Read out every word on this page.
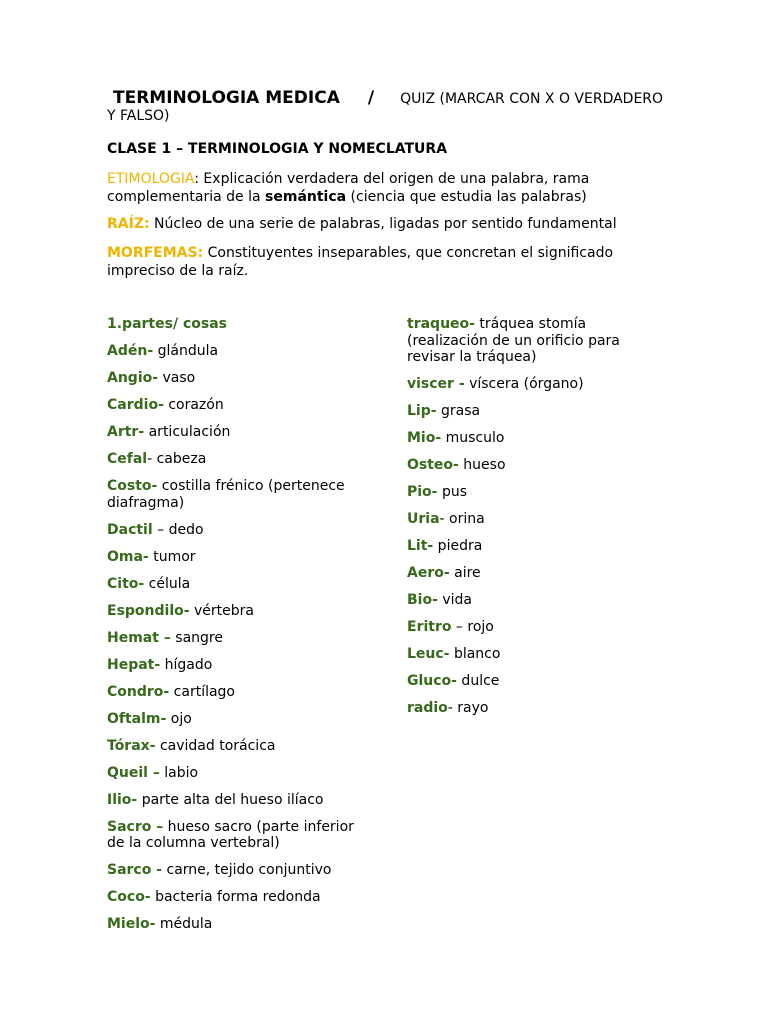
TERMINOLOGIA MEDICA / QUIZ (MARCAR CON X O VERDADERO Y FALSO)
CLASE 1 – TERMINOLOGIA Y NOMECLATURA
ETIMOLOGIA: Explicación verdadera del origen de una palabra, rama complementaria de la semántica (ciencia que estudia las palabras)
RAÍZ: Núcleo de una serie de palabras, ligadas por sentido fundamental
MORFEMAS: Constituyentes inseparables, que concretan el significado impreciso de la raíz.
1.partes/ cosas
Adén- glándula
Angio- vaso
Cardio- corazón
Artr- articulación
Cefal- cabeza
Costo- costilla frénico (pertenece diafragma)
Dactil – dedo
Oma- tumor
Cito- célula
Espondilo- vértebra
Hemat – sangre
Hepat- hígado
Condro- cartílago
Oftalm- ojo
Tórax- cavidad torácica
Queil – labio
Ilio- parte alta del hueso ilíaco
Sacro – hueso sacro (parte inferior de la columna vertebral)
Sarco - carne, tejido conjuntivo
Coco- bacteria forma redonda
Mielo- médula
traqueo- tráquea stomía (realización de un orificio para revisar la tráquea)
viscer - víscera (órgano)
Lip- grasa
Mio- musculo
Osteo- hueso
Pio- pus
Uria- orina
Lit- piedra
Aero- aire
Bio- vida
Eritro – rojo
Leuc- blanco
Gluco- dulce
radio- rayo
